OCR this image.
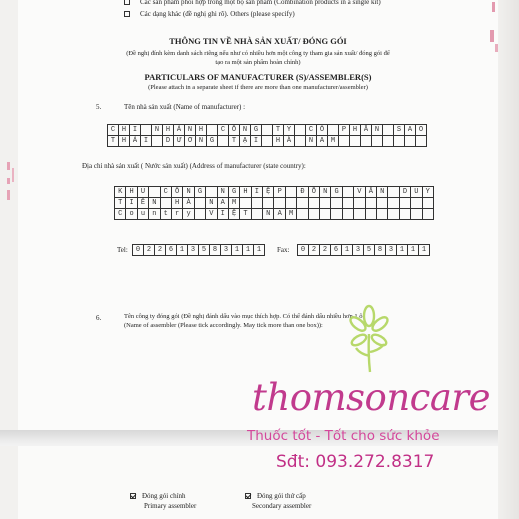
Các sản phẩm phối hợp trong một bộ sản phẩm (Combination products in a single kit)
Các dạng khác (đề nghị ghi rõ). Others (please specify)
THÔNG TIN VỀ NHÀ SẢN XUẤT/ ĐÓNG GÓI
(Đề nghị đính kèm danh sách riêng nếu như có nhiều hơn một công ty tham gia sản xuất/ đóng gói để
tạo ra một sản phẩm hoàn chỉnh)
PARTICULARS OF MANUFACTURER (S)/ASSEMBLER(S)
(Please attach in a separate sheet if there are more than one manufacturer/assembler)
5.	Tên nhà sản xuất (Name of manufacturer) :
C H I	N H Á N H	C Ô N G	T Y	C Ổ	P H Ầ N	S A O
T H Á I	D Ư Ơ N G	T Ạ I	H À	N A M
Địa chỉ nhà sản xuất ( Nước sản xuất) (Address of manufacturer (state country):
K	H	U	C	Ô	N	G	N	G	H	I	Ệ	P	Đ	Ồ	N	G	V	Ă	N	D	U	Y
T	I	Ê	N	H	À	N	A	M
C	o	u	n	t	r	y	V	I	Ệ	T	N	A	M
Tel:	0 2 2 6 1 3 5 8 3 1 1 1	Fax:	0 2 2 6 1 3 5 8 3 1 1 1
6.	Tên công ty đóng gói (Đề nghị đánh dấu vào mục thích hợp. Có thể đánh dấu nhiều hơn 1 ô
(Name of assembler (Please tick accordingly. May tick more than one box)):
thomsoncare
Thuốc tốt - Tốt cho sức khỏe
Sđt: 093.272.8317
Đóng gói chính
Primary assembler
Đóng gói thứ cấp
Secondary assembler
